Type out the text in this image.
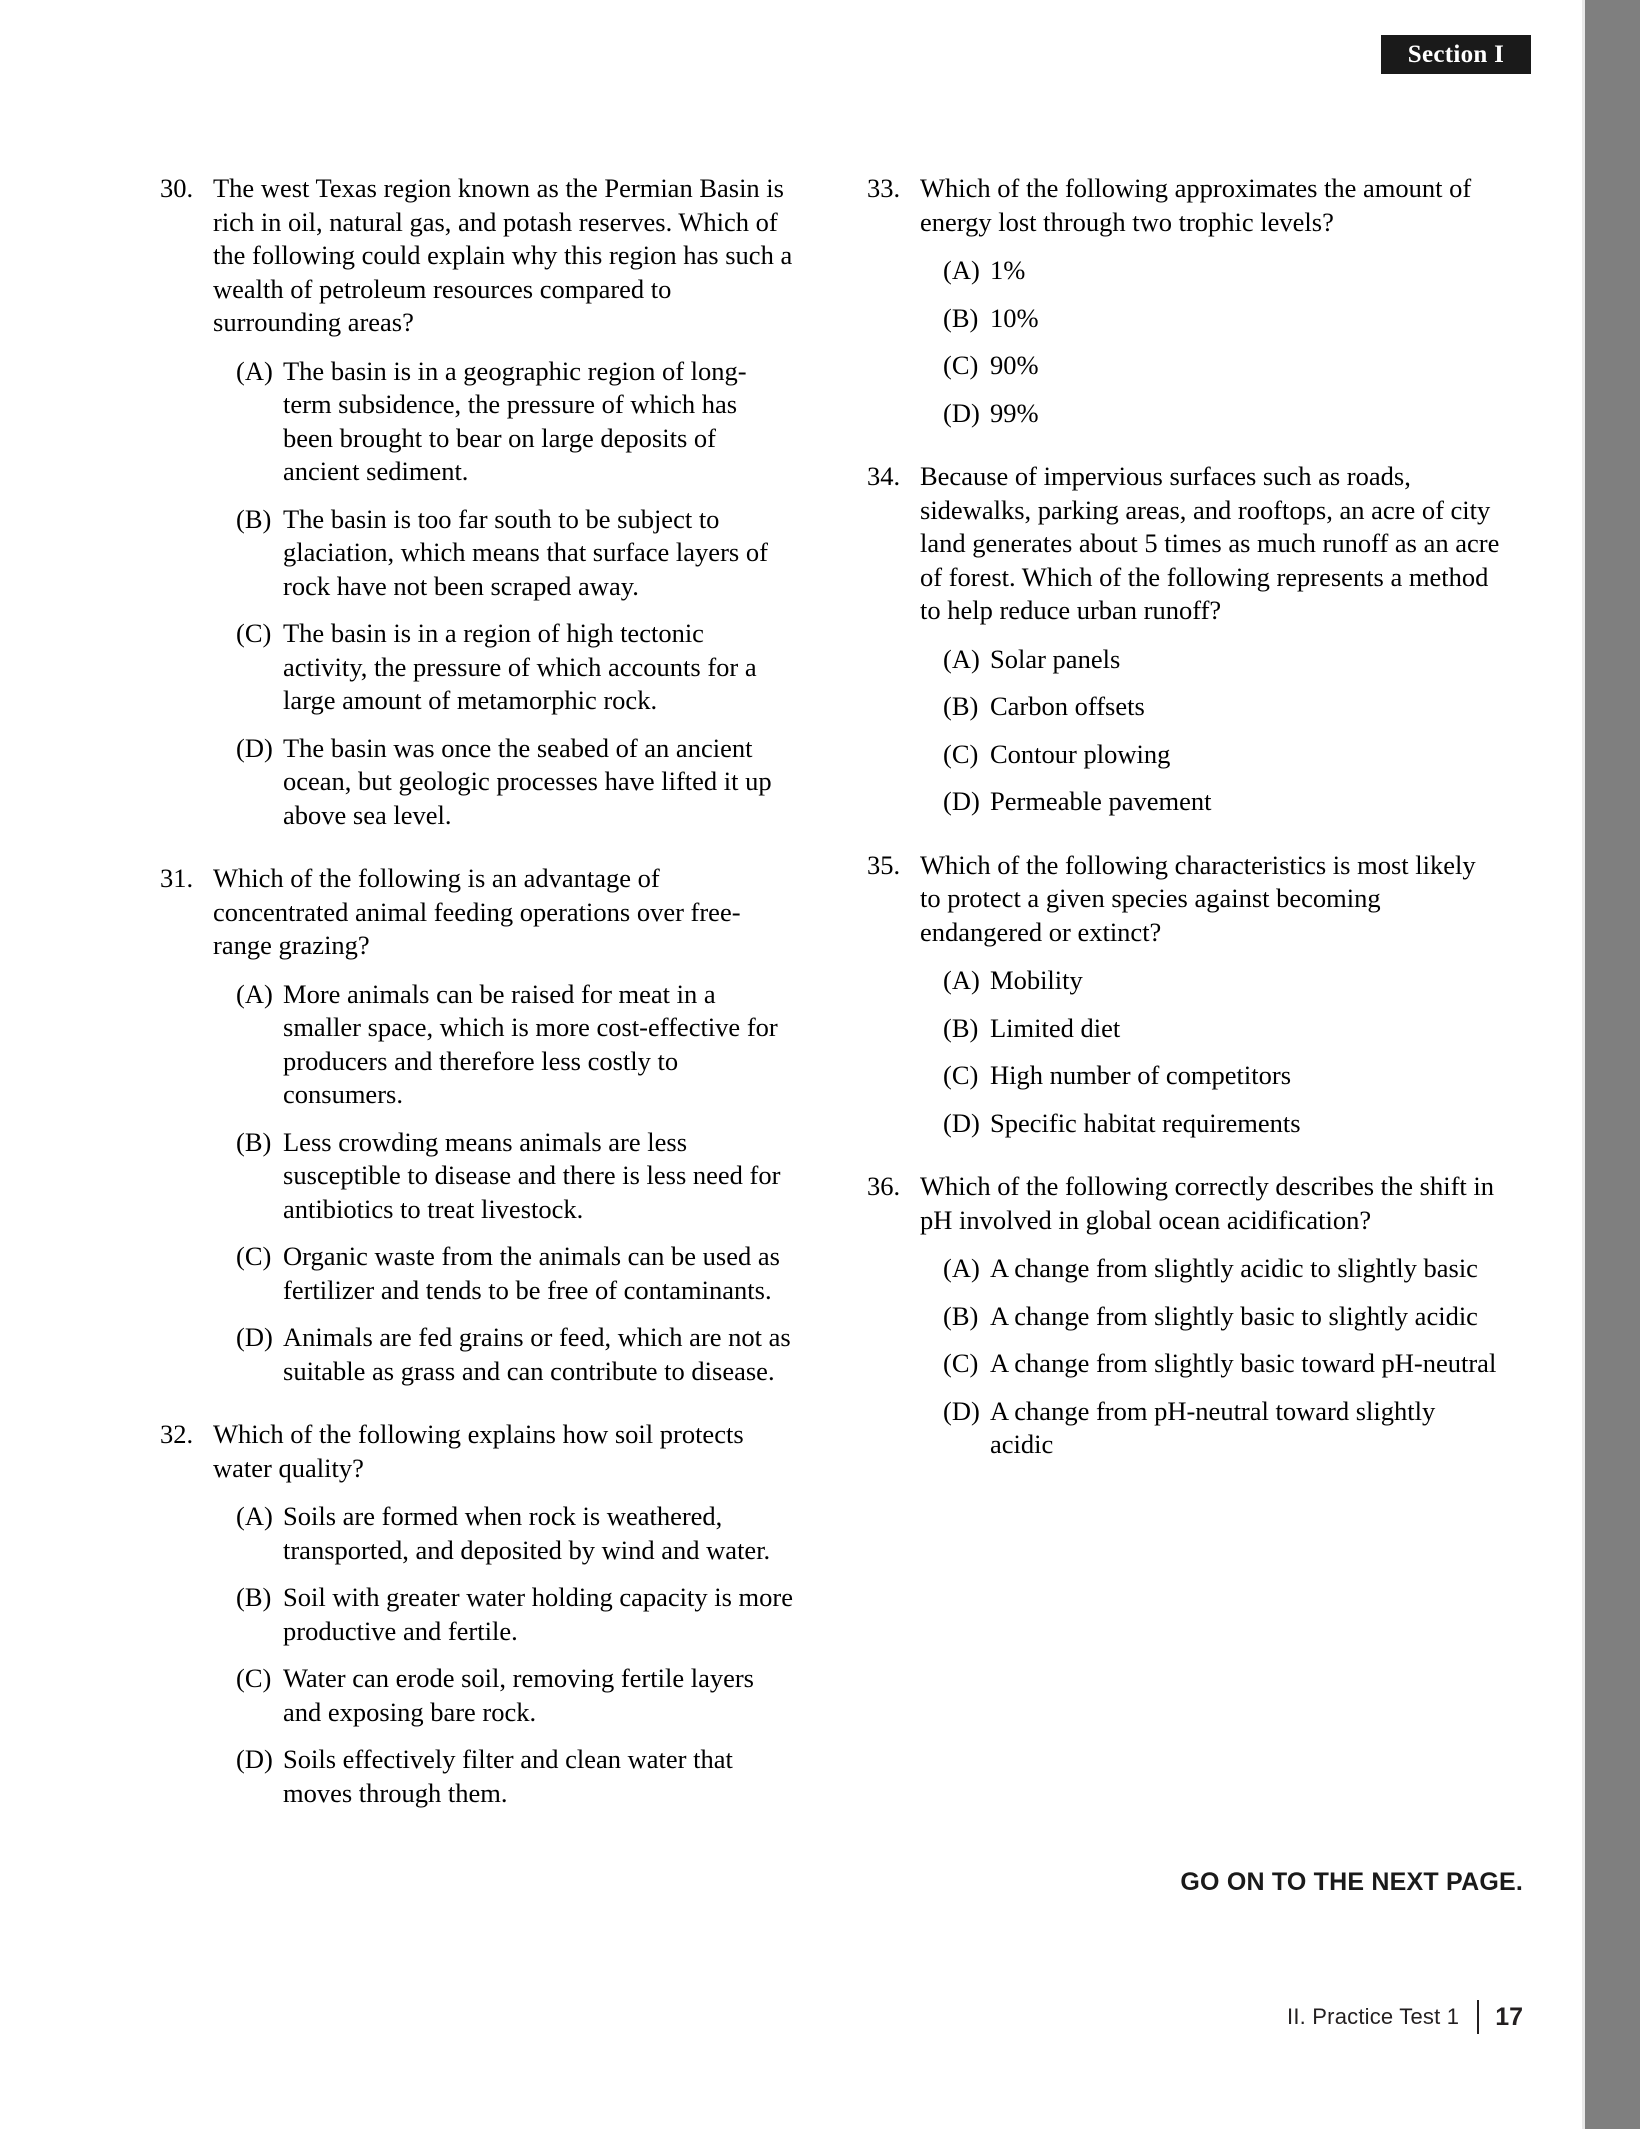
Section I
30. The west Texas region known as the Permian Basin is rich in oil, natural gas, and potash reserves. Which of the following could explain why this region has such a wealth of petroleum resources compared to surrounding areas?
(A) The basin is in a geographic region of long-term subsidence, the pressure of which has been brought to bear on large deposits of ancient sediment.
(B) The basin is too far south to be subject to glaciation, which means that surface layers of rock have not been scraped away.
(C) The basin is in a region of high tectonic activity, the pressure of which accounts for a large amount of metamorphic rock.
(D) The basin was once the seabed of an ancient ocean, but geologic processes have lifted it up above sea level.
31. Which of the following is an advantage of concentrated animal feeding operations over free-range grazing?
(A) More animals can be raised for meat in a smaller space, which is more cost-effective for producers and therefore less costly to consumers.
(B) Less crowding means animals are less susceptible to disease and there is less need for antibiotics to treat livestock.
(C) Organic waste from the animals can be used as fertilizer and tends to be free of contaminants.
(D) Animals are fed grains or feed, which are not as suitable as grass and can contribute to disease.
32. Which of the following explains how soil protects water quality?
(A) Soils are formed when rock is weathered, transported, and deposited by wind and water.
(B) Soil with greater water holding capacity is more productive and fertile.
(C) Water can erode soil, removing fertile layers and exposing bare rock.
(D) Soils effectively filter and clean water that moves through them.
33. Which of the following approximates the amount of energy lost through two trophic levels?
(A) 1%
(B) 10%
(C) 90%
(D) 99%
34. Because of impervious surfaces such as roads, sidewalks, parking areas, and rooftops, an acre of city land generates about 5 times as much runoff as an acre of forest. Which of the following represents a method to help reduce urban runoff?
(A) Solar panels
(B) Carbon offsets
(C) Contour plowing
(D) Permeable pavement
35. Which of the following characteristics is most likely to protect a given species against becoming endangered or extinct?
(A) Mobility
(B) Limited diet
(C) High number of competitors
(D) Specific habitat requirements
36. Which of the following correctly describes the shift in pH involved in global ocean acidification?
(A) A change from slightly acidic to slightly basic
(B) A change from slightly basic to slightly acidic
(C) A change from slightly basic toward pH-neutral
(D) A change from pH-neutral toward slightly acidic
GO ON TO THE NEXT PAGE.
II. Practice Test 1 17
